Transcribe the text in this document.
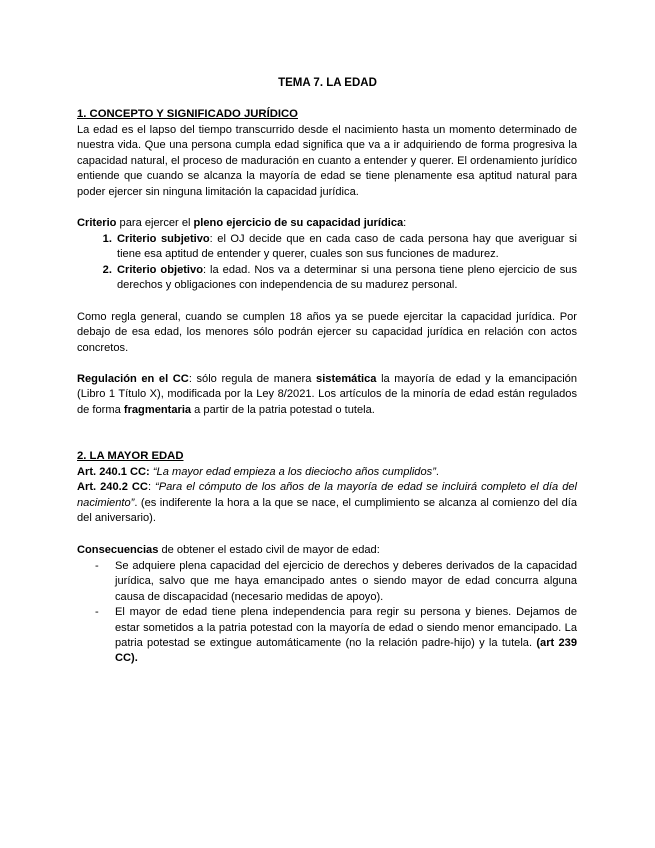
TEMA 7. LA EDAD
1. CONCEPTO Y SIGNIFICADO JURÍDICO

La edad es el lapso del tiempo transcurrido desde el nacimiento hasta un momento determinado de nuestra vida. Que una persona cumpla edad significa que va a ir adquiriendo de forma progresiva la capacidad natural, el proceso de maduración en cuanto a entender y querer. El ordenamiento jurídico entiende que cuando se alcanza la mayoría de edad se tiene plenamente esa aptitud natural para poder ejercer sin ninguna limitación la capacidad jurídica.

Criterio para ejercer el pleno ejercicio de su capacidad jurídica:

1. Criterio subjetivo: el OJ decide que en cada caso de cada persona hay que averiguar si tiene esa aptitud de entender y querer, cuales son sus funciones de madurez.
2. Criterio objetivo: la edad. Nos va a determinar si una persona tiene pleno ejercicio de sus derechos y obligaciones con independencia de su madurez personal.

Como regla general, cuando se cumplen 18 años ya se puede ejercitar la capacidad jurídica. Por debajo de esa edad, los menores sólo podrán ejercer su capacidad jurídica en relación con actos concretos.

Regulación en el CC: sólo regula de manera sistemática la mayoría de edad y la emancipación (Libro 1 Título X), modificada por la Ley 8/2021. Los artículos de la minoría de edad están regulados de forma fragmentaria a partir de la patria potestad o tutela.

2. LA MAYOR EDAD

Art. 240.1 CC: “La mayor edad empieza a los dieciocho años cumplidos”.

Art. 240.2 CC: “Para el cómputo de los años de la mayoría de edad se incluirá completo el día del nacimiento”. (es indiferente la hora a la que se nace, el cumplimiento se alcanza al comienzo del día del aniversario).

Consecuencias de obtener el estado civil de mayor de edad:

- Se adquiere plena capacidad del ejercicio de derechos y deberes derivados de la capacidad jurídica, salvo que me haya emancipado antes o siendo mayor de edad concurra alguna causa de discapacidad (necesario medidas de apoyo).
- El mayor de edad tiene plena independencia para regir su persona y bienes. Dejamos de estar sometidos a la patria potestad con la mayoría de edad o siendo menor emancipado. La patria potestad se extingue automáticamente (no la relación padre-hijo) y la tutela. (art 239 CC).
